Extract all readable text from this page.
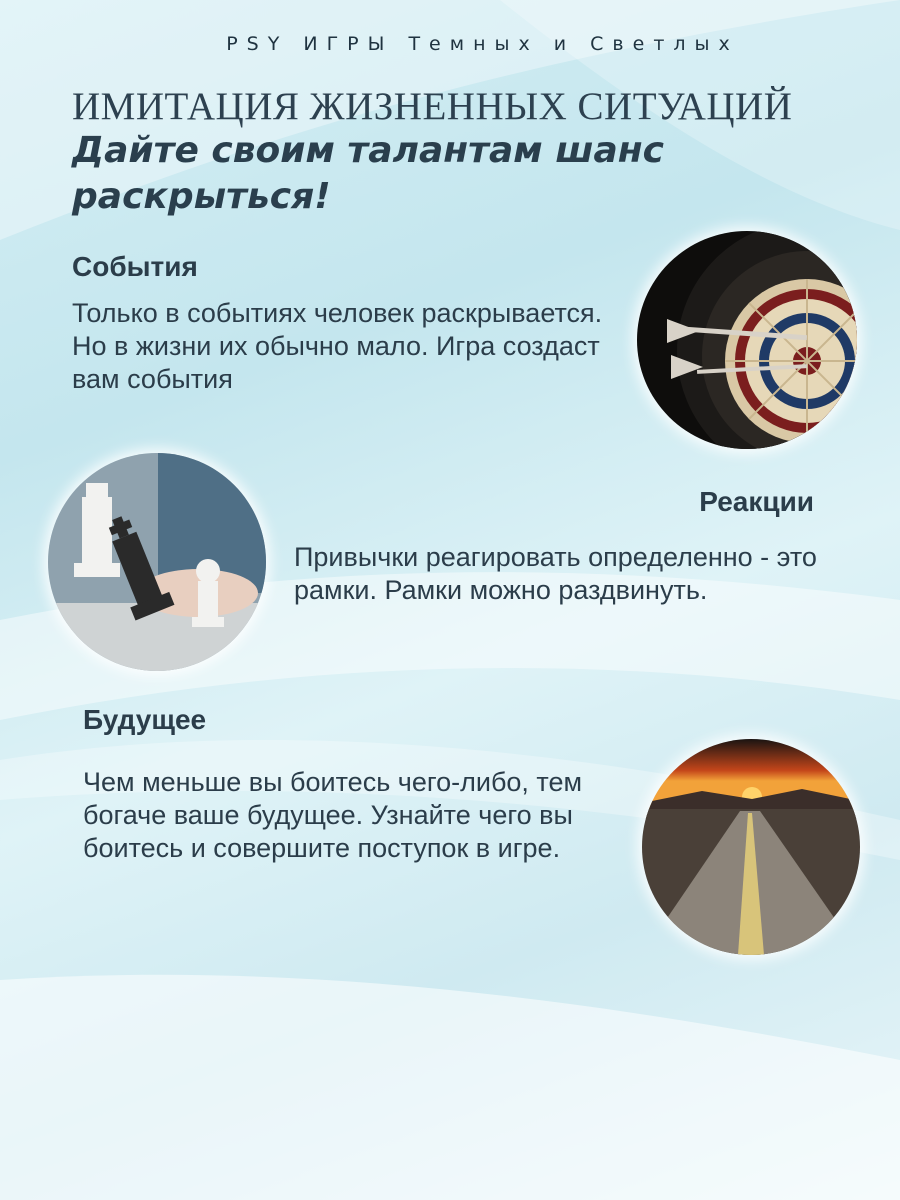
PSY ИГРЫ Темных и Светлых
ИМИТАЦИЯ ЖИЗНЕННЫХ СИТУАЦИЙ
Дайте своим талантам шанс раскрыться!
События

Только в событиях человек раскрывается. Но в жизни их обычно мало. Игра создаст вам события

Реакции

Привычки реагировать определенно - это рамки. Рамки можно раздвинуть.

Будущее

Чем меньше вы боитесь чего-либо, тем богаче ваше будущее. Узнайте чего вы боитесь и совершите поступок в игре.
